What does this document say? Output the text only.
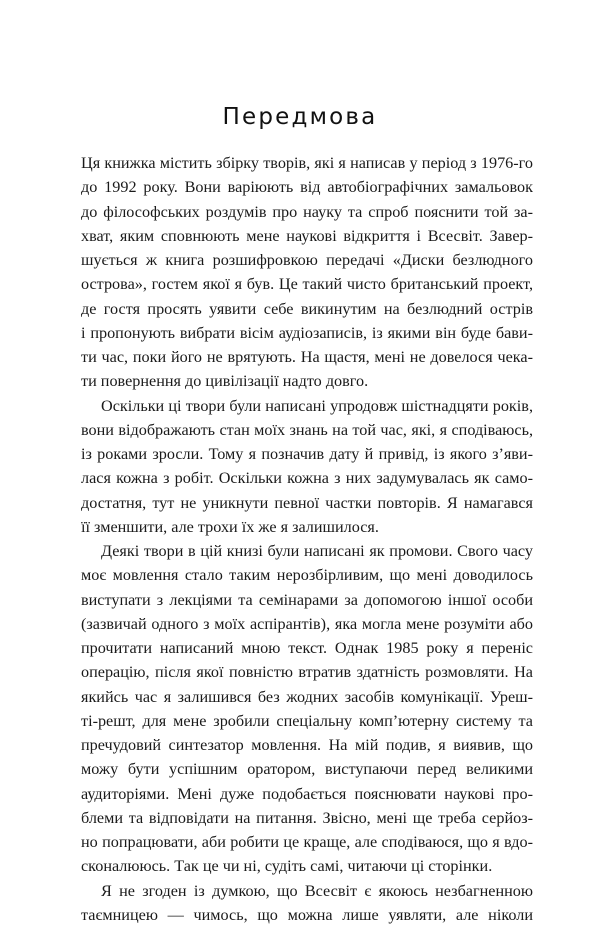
Передмова
Ця книжка містить збірку творів, які я написав у період з 1976-го
до 1992 року. Вони варіюють від автобіографічних замальовок
до філософських роздумів про науку та спроб пояснити той за-
хват, яким сповнюють мене наукові відкриття і Всесвіт. Завер-
шується ж книга розшифровкою передачі «Диски безлюдного
острова», гостем якої я був. Це такий чисто британський проект,
де гостя просять уявити себе викинутим на безлюдний острів
і пропонують вибрати вісім аудіозаписів, із якими він буде бави-
ти час, поки його не врятують. На щастя, мені не довелося чека-
ти повернення до цивілізації надто довго.
Оскільки ці твори були написані упродовж шістнадцяти років,
вони відображають стан моїх знань на той час, які, я сподіваюсь,
із роками зросли. Тому я позначив дату й привід, із якого з’яви-
лася кожна з робіт. Оскільки кожна з них задумувалась як само-
достатня, тут не уникнути певної частки повторів. Я намагався
її зменшити, але трохи їх же я залишилося.
Деякі твори в цій книзі були написані як промови. Свого часу
моє мовлення стало таким нерозбірливим, що мені доводилось
виступати з лекціями та семінарами за допомогою іншої особи
(зазвичай одного з моїх аспірантів), яка могла мене розуміти або
прочитати написаний мною текст. Однак 1985 року я переніс
операцію, після якої повністю втратив здатність розмовляти. На
якийсь час я залишився без жодних засобів комунікації. Уреш-
ті-решт, для мене зробили спеціальну комп’ютерну систему та
пречудовий синтезатор мовлення. На мій подив, я виявив, що
можу бути успішним оратором, виступаючи перед великими
аудиторіями. Мені дуже подобається пояснювати наукові про-
блеми та відповідати на питання. Звісно, мені ще треба серйоз-
но попрацювати, аби робити це краще, але сподіваюся, що я вдо-
сконалююсь. Так це чи ні, судіть самі, читаючи ці сторінки.
Я не згоден із думкою, що Всесвіт є якоюсь незбагненною
таємницею — чимось, що можна лише уявляти, але ніколи
